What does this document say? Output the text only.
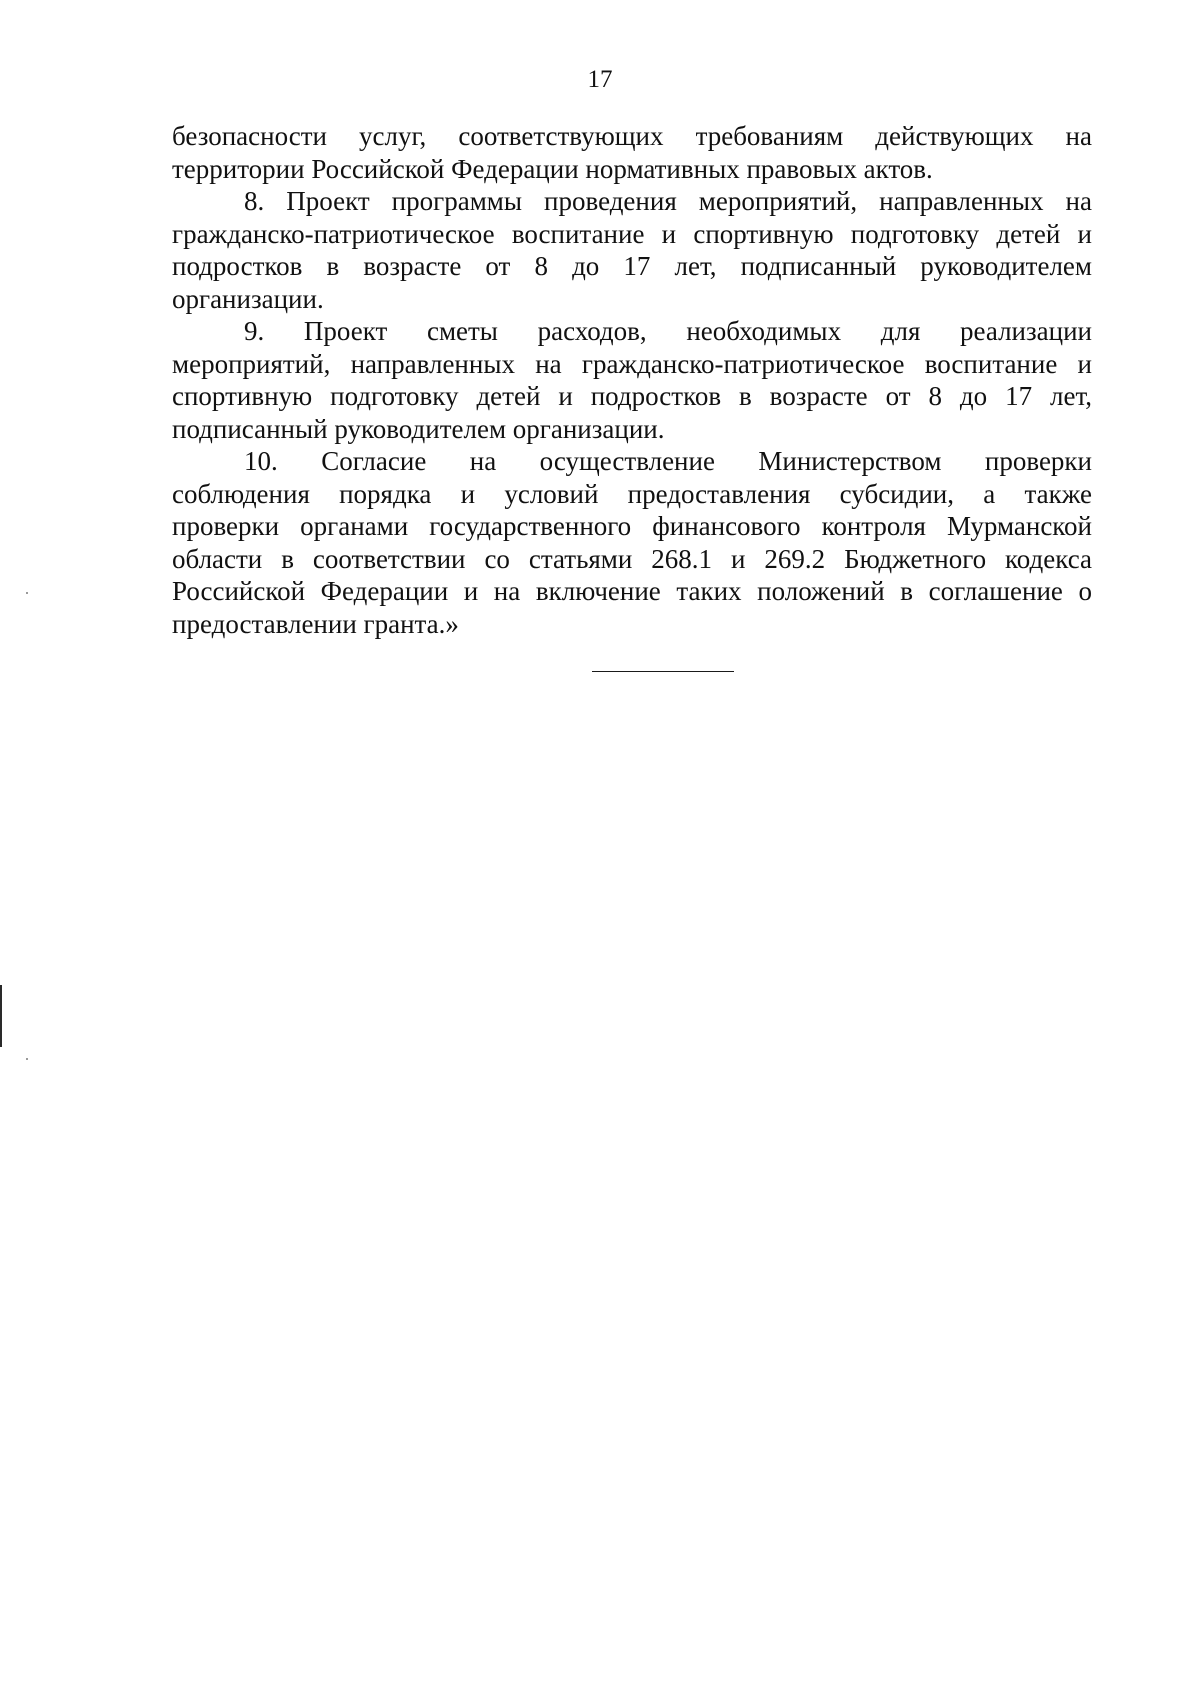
17
безопасности услуг, соответствующих требованиям действующих на
территории Российской Федерации нормативных правовых актов.
8. Проект программы проведения мероприятий, направленных на
гражданско-патриотическое воспитание и спортивную подготовку детей и
подростков в возрасте от 8 до 17 лет, подписанный руководителем
организации.
9. Проект сметы расходов, необходимых для реализации
мероприятий, направленных на гражданско-патриотическое воспитание и
спортивную подготовку детей и подростков в возрасте от 8 до 17 лет,
подписанный руководителем организации.
10. Согласие на осуществление Министерством проверки
соблюдения порядка и условий предоставления субсидии, а также
проверки органами государственного финансового контроля Мурманской
области в соответствии со статьями 268.1 и 269.2 Бюджетного кодекса
Российской Федерации и на включение таких положений в соглашение о
предоставлении гранта.»
